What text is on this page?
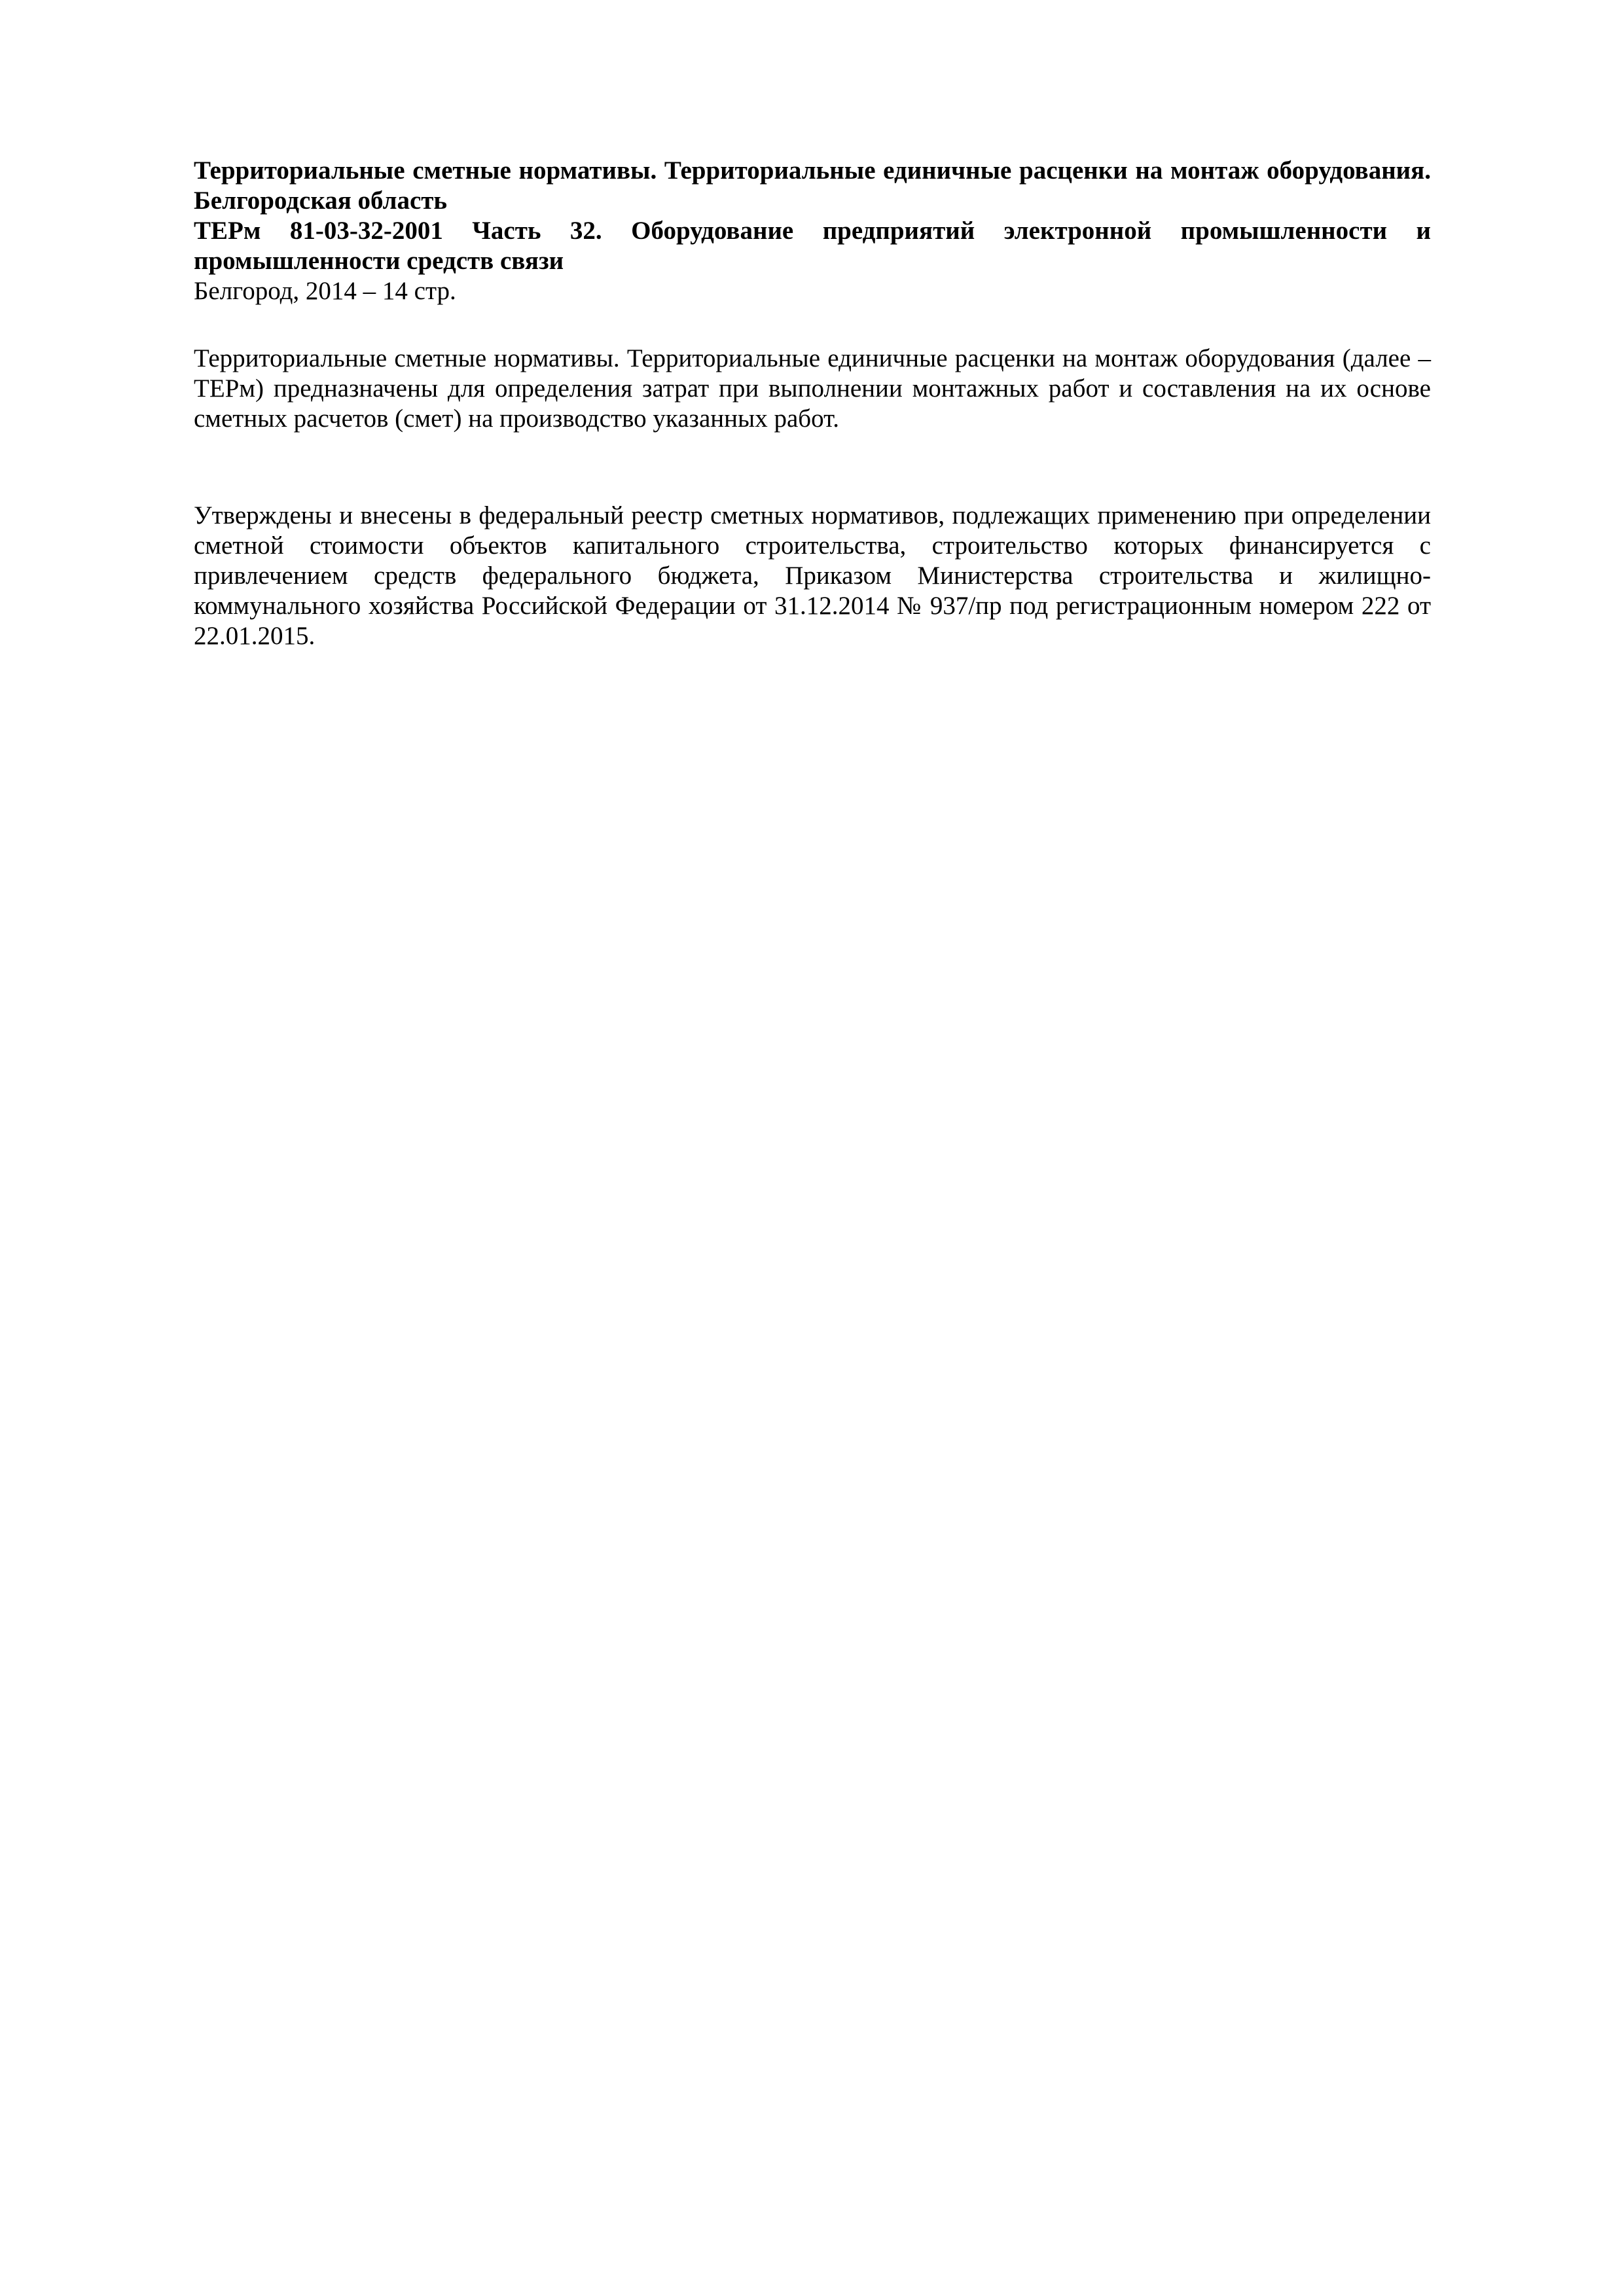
Территориальные сметные нормативы. Территориальные единичные расценки на монтаж оборудования. Белгородская область

ТЕРм 81-03-32-2001 Часть 32. Оборудование предприятий электронной промышленности и промышленности средств связи

Белгород, 2014 – 14 стр.

Территориальные сметные нормативы. Территориальные единичные расценки на монтаж оборудования (далее – ТЕРм) предназначены для определения затрат при выполнении монтажных работ и составления на их основе сметных расчетов (смет) на производство указанных работ.

Утверждены и внесены в федеральный реестр сметных нормативов, подлежащих применению при определении сметной стоимости объектов капитального строительства, строительство которых финансируется с привлечением средств федерального бюджета, Приказом Министерства строительства и жилищно-коммунального хозяйства Российской Федерации от 31.12.2014 № 937/пр под регистрационным номером 222 от 22.01.2015.
